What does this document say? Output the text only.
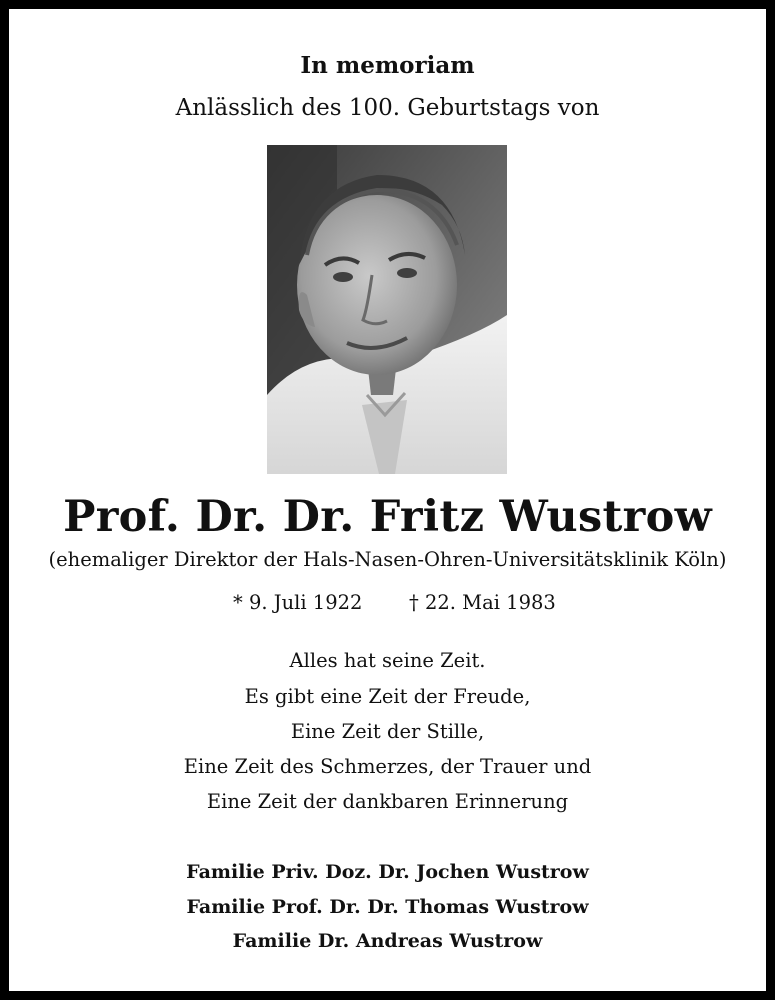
In memoriam
Anlässlich des 100. Geburtstags von
Prof. Dr. Dr. Fritz Wustrow
(ehemaliger Direktor der Hals-Nasen-Ohren-Universitätsklinik Köln)
* 9. Juli 1922 † 22. Mai 1983
Alles hat seine Zeit.
Es gibt eine Zeit der Freude,
Eine Zeit der Stille,
Eine Zeit des Schmerzes, der Trauer und
Eine Zeit der dankbaren Erinnerung
Familie Priv. Doz. Dr. Jochen Wustrow
Familie Prof. Dr. Dr. Thomas Wustrow
Familie Dr. Andreas Wustrow
